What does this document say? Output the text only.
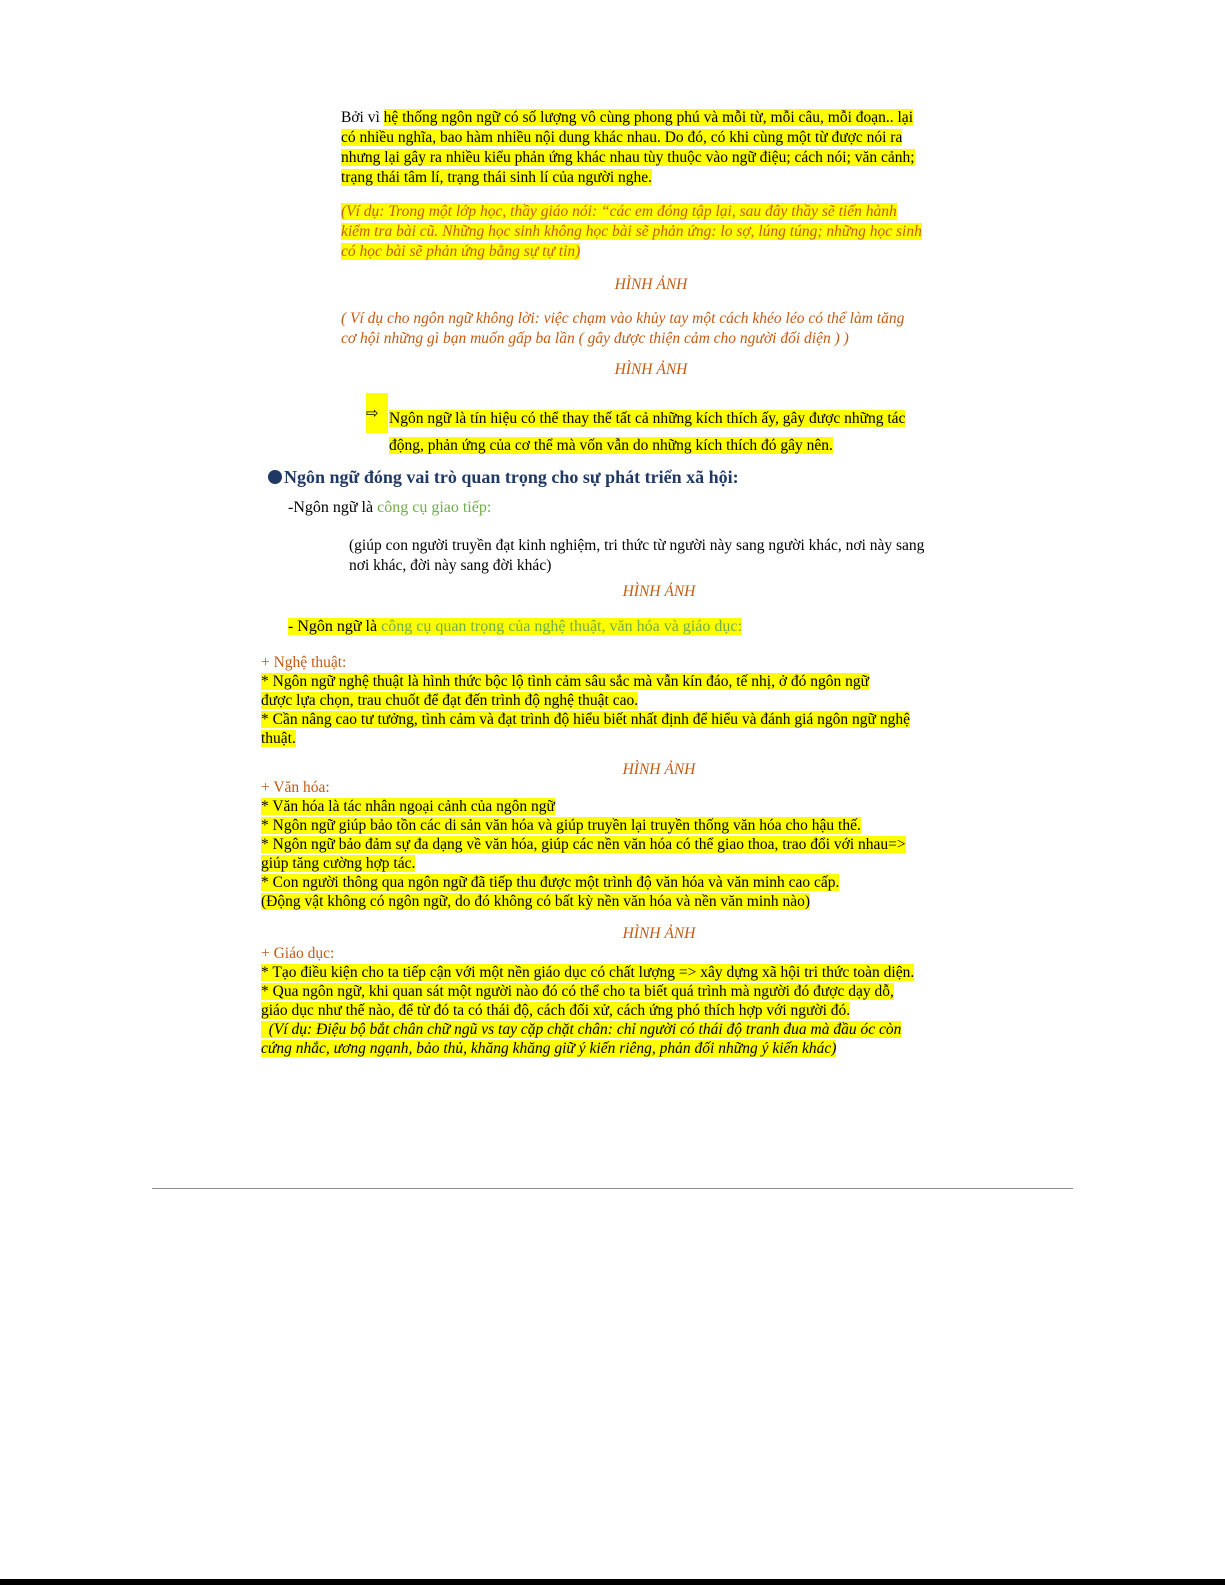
Bởi vì hệ thống ngôn ngữ có số lượng vô cùng phong phú và mỗi từ, mỗi câu, mỗi đoạn.. lại
có nhiều nghĩa, bao hàm nhiều nội dung khác nhau. Do đó, có khi cùng một từ được nói ra
nhưng lại gây ra nhiều kiểu phản ứng khác nhau tùy thuộc vào ngữ điệu; cách nói; văn cảnh;
trạng thái tâm lí, trạng thái sinh lí của người nghe.
(Ví dụ: Trong một lớp học, thầy giáo nói: “các em đóng tập lại, sau đây thầy sẽ tiến hành
kiểm tra bài cũ. Những học sinh không học bài sẽ phản ứng: lo sợ, lúng túng; những học sinh
có học bài sẽ phản ứng bằng sự tự tin)
HÌNH ẢNH
( Ví dụ cho ngôn ngữ không lời: việc chạm vào khủy tay một cách khéo léo có thể làm tăng
cơ hội những gì bạn muốn gấp ba lần ( gây được thiện cảm cho người đối diện ) )
HÌNH ẢNH
⇨ Ngôn ngữ là tín hiệu có thể thay thế tất cả những kích thích ấy, gây được những tác
động, phản ứng của cơ thể mà vốn vẫn do những kích thích đó gây nên.
Ngôn ngữ đóng vai trò quan trọng cho sự phát triển xã hội:
-Ngôn ngữ là công cụ giao tiếp:
(giúp con người truyền đạt kinh nghiệm, tri thức từ người này sang người khác, nơi này sang
nơi khác, đời này sang đời khác)
HÌNH ẢNH
- Ngôn ngữ là công cụ quan trọng của nghệ thuật, văn hóa và giáo dục:
+ Nghệ thuật:
* Ngôn ngữ nghệ thuật là hình thức bộc lộ tình cảm sâu sắc mà vẫn kín đáo, tế nhị, ở đó ngôn ngữ
được lựa chọn, trau chuốt để đạt đến trình độ nghệ thuật cao.
* Cần nâng cao tư tưởng, tình cảm và đạt trình độ hiểu biết nhất định để hiểu và đánh giá ngôn ngữ nghệ
thuật.
HÌNH ẢNH
+ Văn hóa:
* Văn hóa là tác nhân ngoại cảnh của ngôn ngữ
* Ngôn ngữ giúp bảo tồn các di sản văn hóa và giúp truyền lại truyền thống văn hóa cho hậu thế.
* Ngôn ngữ bảo đảm sự đa dạng về văn hóa, giúp các nền văn hóa có thể giao thoa, trao đổi với nhau=>
giúp tăng cường hợp tác.
* Con người thông qua ngôn ngữ đã tiếp thu được một trình độ văn hóa và văn minh cao cấp.
(Động vật không có ngôn ngữ, do đó không có bất kỳ nền văn hóa và nền văn minh nào)
HÌNH ẢNH
+ Giáo dục:
* Tạo điều kiện cho ta tiếp cận với một nền giáo dục có chất lượng => xây dựng xã hội tri thức toàn diện.
* Qua ngôn ngữ, khi quan sát một người nào đó có thể cho ta biết quá trình mà người đó được dạy dỗ,
giáo dục như thế nào, để từ đó ta có thái độ, cách đối xử, cách ứng phó thích hợp với người đó.
(Ví dụ: Điệu bộ bắt chân chữ ngũ vs tay cặp chặt chân: chỉ người có thái độ tranh đua mà đầu óc còn
cứng nhắc, ương ngạnh, bảo thủ, khăng khăng giữ ý kiến riêng, phản đối những ý kiến khác)
